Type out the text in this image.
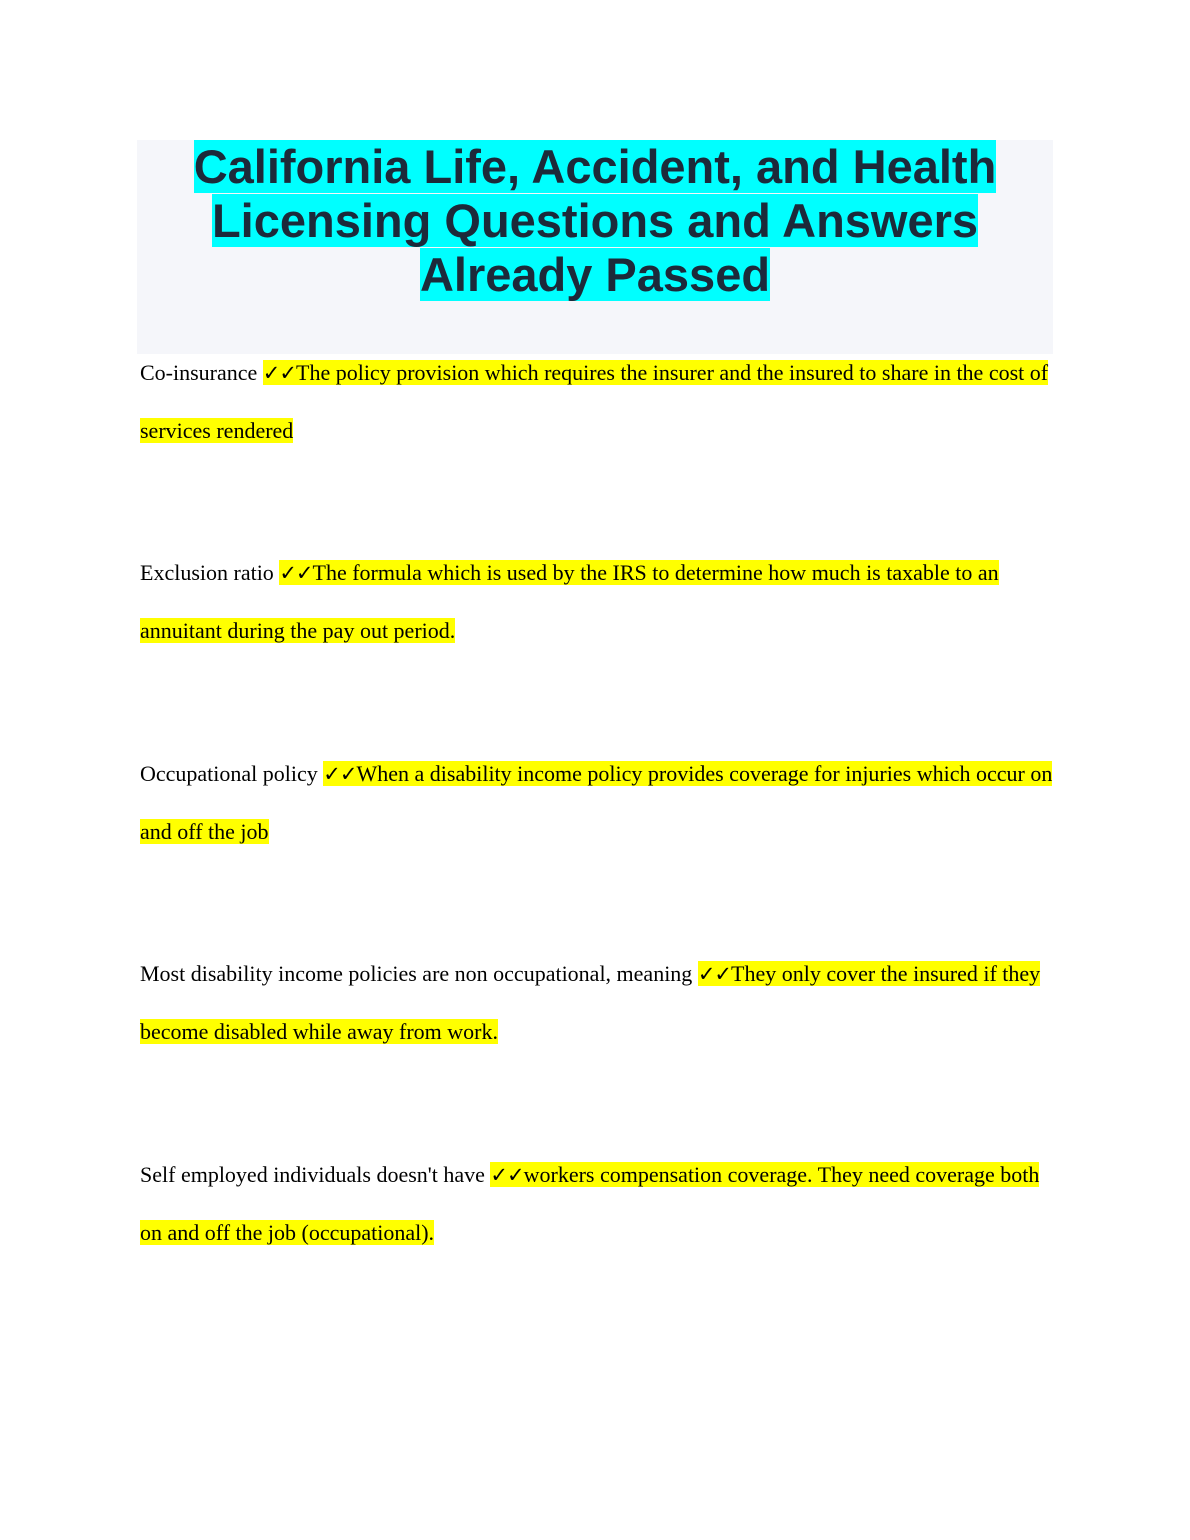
California Life, Accident, and Health
Licensing Questions and Answers
Already Passed
Co-insurance ✓✓The policy provision which requires the insurer and the insured to share in the cost of services rendered
Exclusion ratio ✓✓The formula which is used by the IRS to determine how much is taxable to an annuitant during the pay out period.
Occupational policy ✓✓When a disability income policy provides coverage for injuries which occur on and off the job
Most disability income policies are non occupational, meaning ✓✓They only cover the insured if they become disabled while away from work.
Self employed individuals doesn't have ✓✓workers compensation coverage. They need coverage both on and off the job (occupational).
